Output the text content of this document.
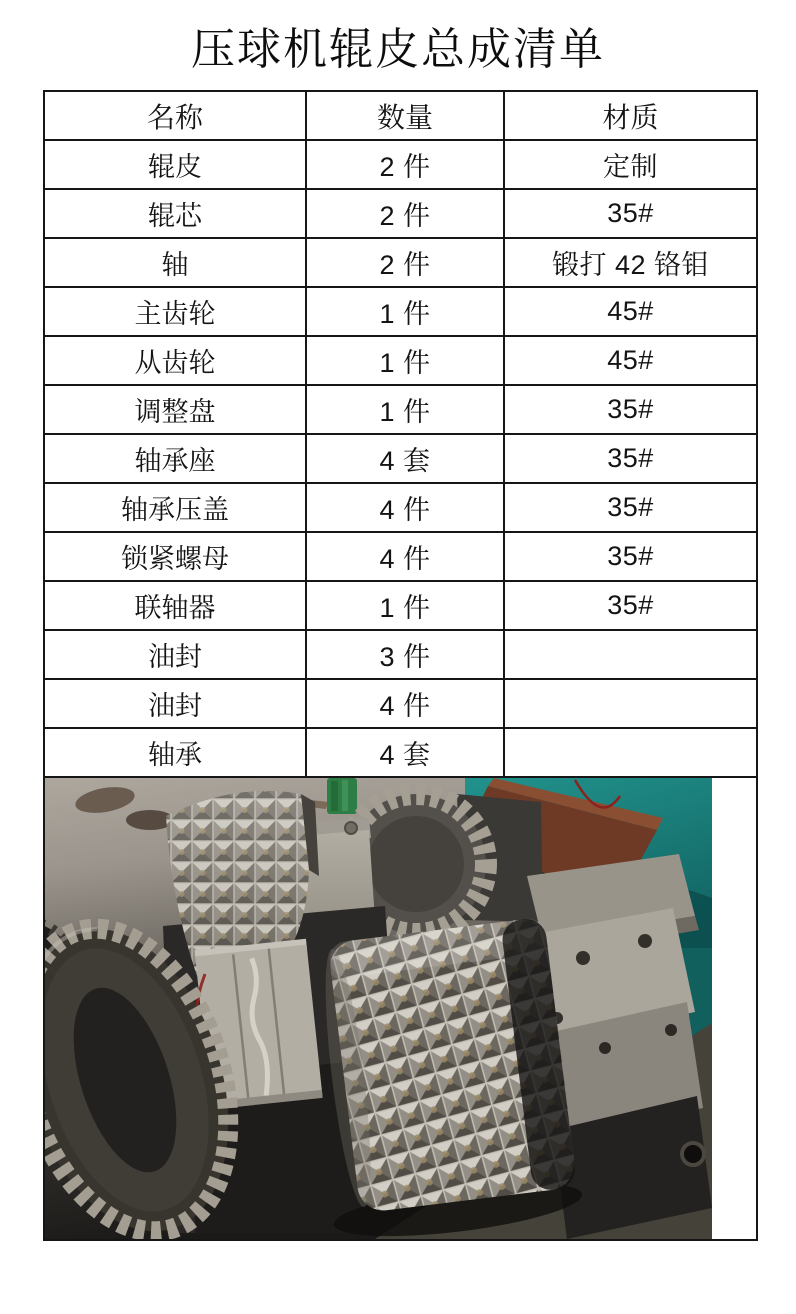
压球机辊皮总成清单
名称	数量	材质
辊皮	2 件	定制
辊芯	2 件	35#
轴	2 件	锻打 42 铬钼
主齿轮	1 件	45#
从齿轮	1 件	45#
调整盘	1 件	35#
轴承座	4 套	35#
轴承压盖	4 件	35#
锁紧螺母	4 件	35#
联轴器	1 件	35#
油封	3 件	
油封	4 件	
轴承	4 套	
